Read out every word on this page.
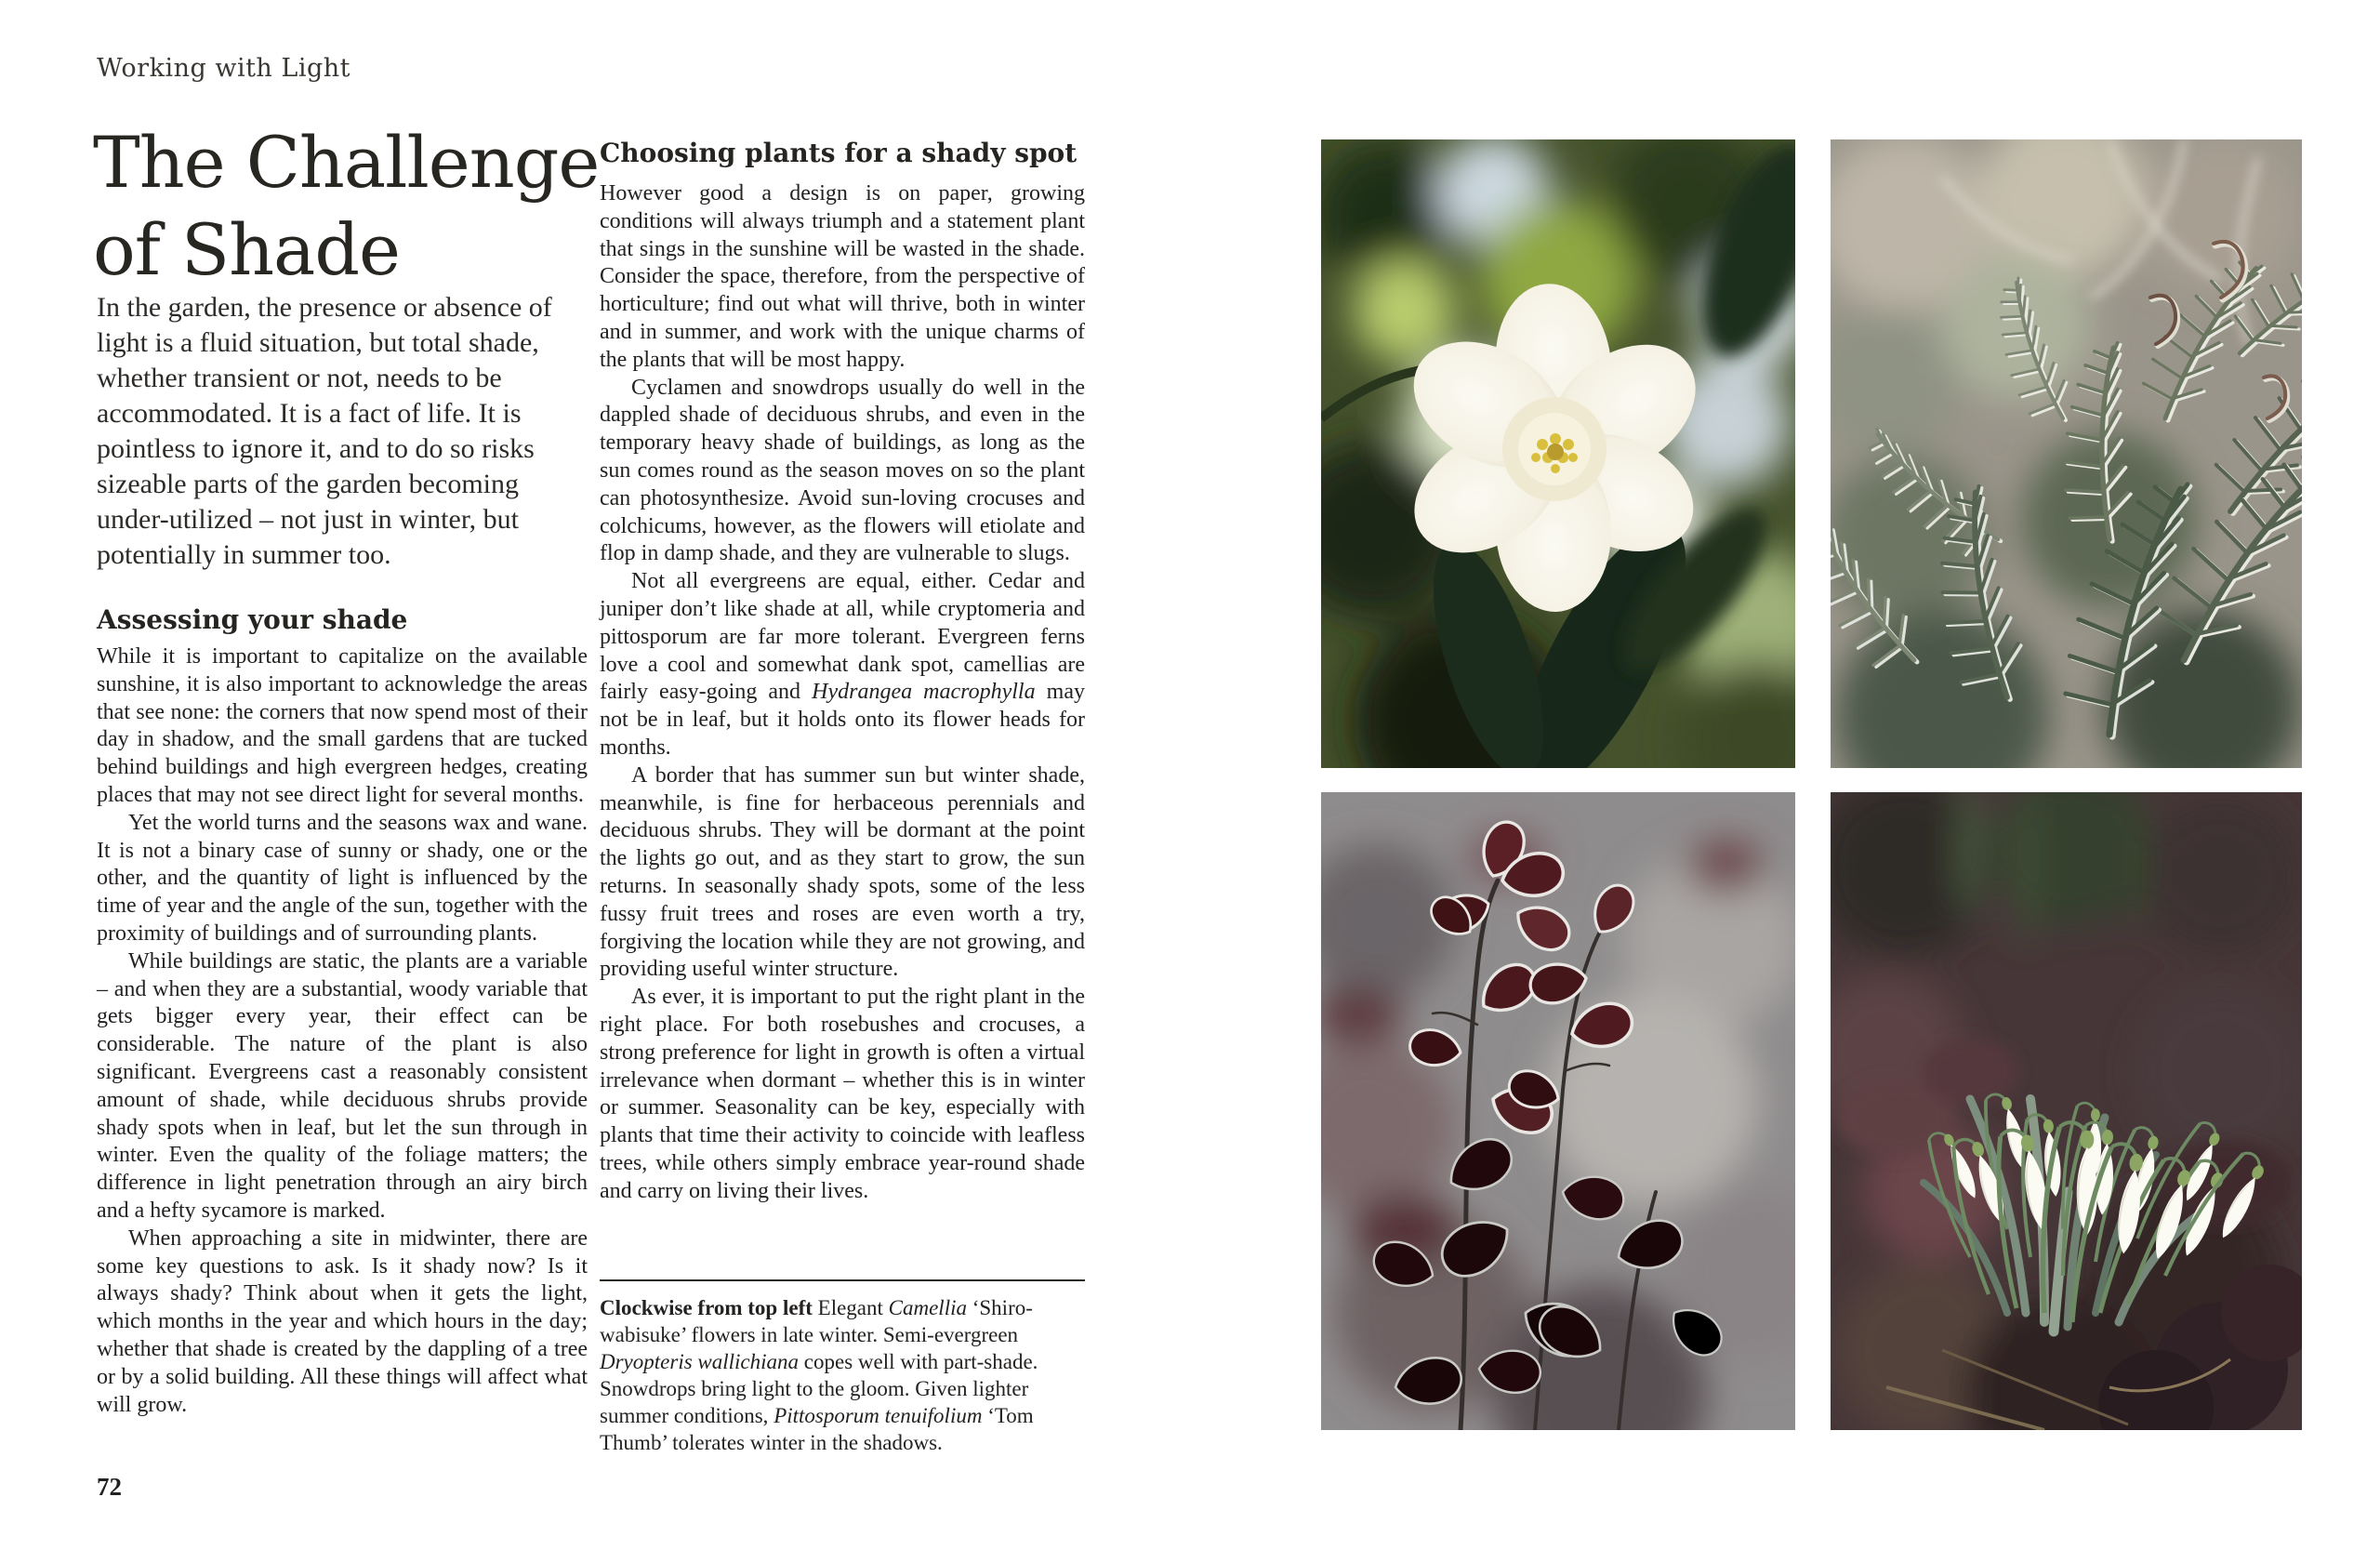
Working with Light
The Challenge
of Shade

In the garden, the presence or absence of light is a fluid situation, but total shade, whether transient or not, needs to be accommodated. It is a fact of life. It is pointless to ignore it, and to do so risks sizeable parts of the garden becoming under-utilized – not just in winter, but potentially in summer too.

Assessing your shade

While it is important to capitalize on the available sunshine, it is also important to acknowledge the areas that see none: the corners that now spend most of their day in shadow, and the small gardens that are tucked behind buildings and high evergreen hedges, creating places that may not see direct light for several months.

Yet the world turns and the seasons wax and wane. It is not a binary case of sunny or shady, one or the other, and the quantity of light is influenced by the time of year and the angle of the sun, together with the proximity of buildings and of surrounding plants.

While buildings are static, the plants are a variable – and when they are a substantial, woody variable that gets bigger every year, their effect can be considerable. The nature of the plant is also significant. Evergreens cast a reasonably consistent amount of shade, while deciduous shrubs provide shady spots when in leaf, but let the sun through in winter. Even the quality of the foliage matters; the difference in light penetration through an airy birch and a hefty sycamore is marked.

When approaching a site in midwinter, there are some key questions to ask. Is it shady now? Is it always shady? Think about when it gets the light, which months in the year and which hours in the day; whether that shade is created by the dappling of a tree or by a solid building. All these things will affect what will grow.

Choosing plants for a shady spot

However good a design is on paper, growing conditions will always triumph and a statement plant that sings in the sunshine will be wasted in the shade. Consider the space, therefore, from the perspective of horticulture; find out what will thrive, both in winter and in summer, and work with the unique charms of the plants that will be most happy.

Cyclamen and snowdrops usually do well in the dappled shade of deciduous shrubs, and even in the temporary heavy shade of buildings, as long as the sun comes round as the season moves on so the plant can photosynthesize. Avoid sun-loving crocuses and colchicums, however, as the flowers will etiolate and flop in damp shade, and they are vulnerable to slugs.

Not all evergreens are equal, either. Cedar and juniper don’t like shade at all, while cryptomeria and pittosporum are far more tolerant. Evergreen ferns love a cool and somewhat dank spot, camellias are fairly easy-going and Hydrangea macrophylla may not be in leaf, but it holds onto its flower heads for months.

A border that has summer sun but winter shade, meanwhile, is fine for herbaceous perennials and deciduous shrubs. They will be dormant at the point the lights go out, and as they start to grow, the sun returns. In seasonally shady spots, some of the less fussy fruit trees and roses are even worth a try, forgiving the location while they are not growing, and providing useful winter structure.

As ever, it is important to put the right plant in the right place. For both rosebushes and crocuses, a strong preference for light in growth is often a virtual irrelevance when dormant – whether this is in winter or summer. Seasonality can be key, especially with plants that time their activity to coincide with leafless trees, while others simply embrace year-round shade and carry on living their lives.

Clockwise from top left Elegant Camellia ‘Shiro-wabisuke’ flowers in late winter. Semi-evergreen Dryopteris wallichiana copes well with part-shade. Snowdrops bring light to the gloom. Given lighter summer conditions, Pittosporum tenuifolium ‘Tom Thumb’ tolerates winter in the shadows.

72
